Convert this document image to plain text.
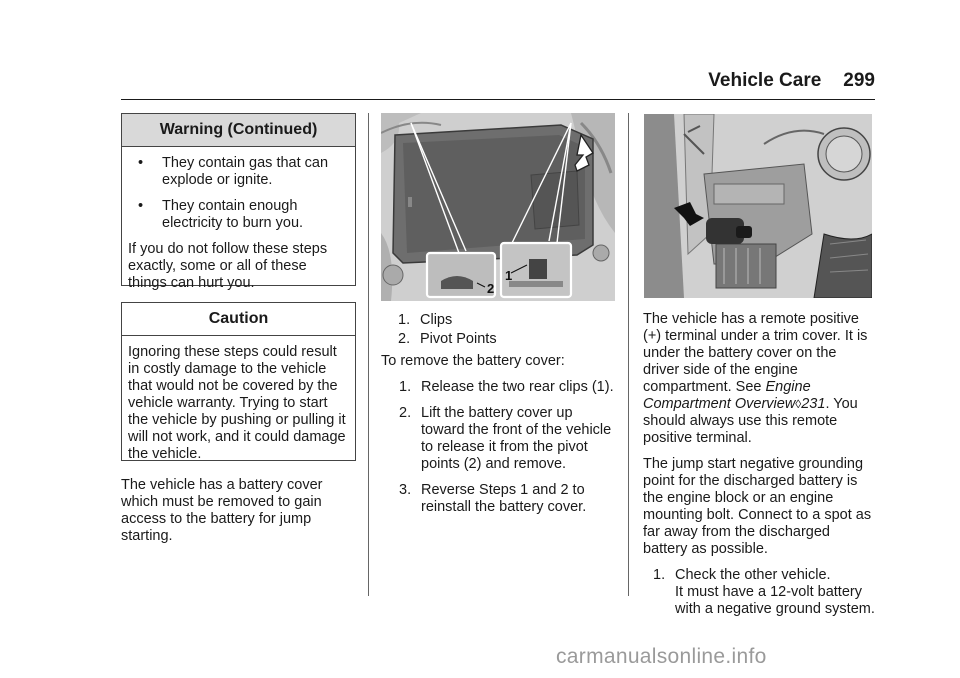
Vehicle Care 299
Warning (Continued)
•	They contain gas that can explode or ignite.
•	They contain enough electricity to burn you.

If you do not follow these steps exactly, some or all of these things can hurt you.

Caution
Ignoring these steps could result in costly damage to the vehicle that would not be covered by the vehicle warranty. Trying to start the vehicle by pushing or pulling it will not work, and it could damage the vehicle.
The vehicle has a battery cover which must be removed to gain access to the battery for jump starting.
2
1
1. Clips
2. Pivot Points

To remove the battery cover:

1. Release the two rear clips (1).
2. Lift the battery cover up toward the front of the vehicle to release it from the pivot points (2) and remove.
3. Reverse Steps 1 and 2 to reinstall the battery cover.

The vehicle has a remote positive (+) terminal under a trim cover. It is under the battery cover on the driver side of the engine compartment. See Engine Compartment Overview◊231. You should always use this remote positive terminal.

The jump start negative grounding point for the discharged battery is the engine block or an engine mounting bolt. Connect to a spot as far away from the discharged battery as possible.

1. Check the other vehicle.
It must have a 12-volt battery with a negative ground system.
carmanualsonline.info
